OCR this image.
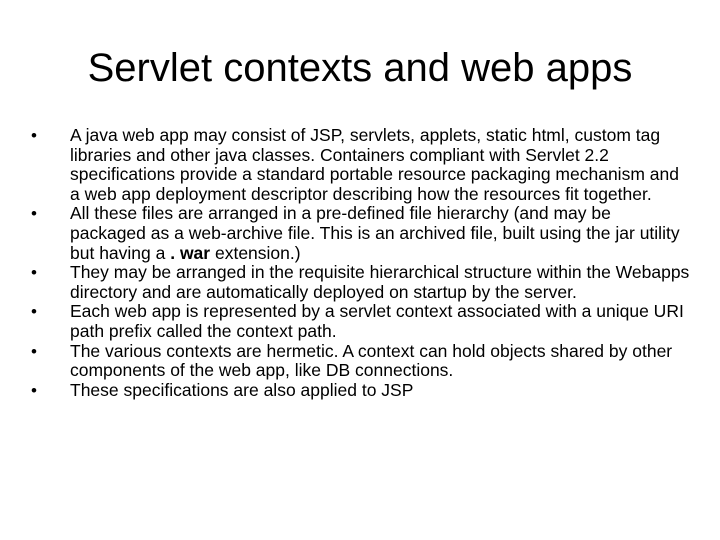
Servlet contexts and web apps
• A java web app may consist of JSP, servlets, applets, static html, custom tag libraries and other java classes. Containers compliant with Servlet 2.2 specifications provide a standard portable resource packaging mechanism and a web app deployment descriptor describing how the resources fit together.
• All these files are arranged in a pre-defined file hierarchy (and may be packaged as a web-archive file. This is an archived file, built using the jar utility but having a . war extension.)
• They may be arranged in the requisite hierarchical structure within the Webapps directory and are automatically deployed on startup by the server.
• Each web app is represented by a servlet context associated with a unique URI path prefix called the context path.
• The various contexts are hermetic. A context can hold objects shared by other components of the web app, like DB connections.
• These specifications are also applied to JSP
